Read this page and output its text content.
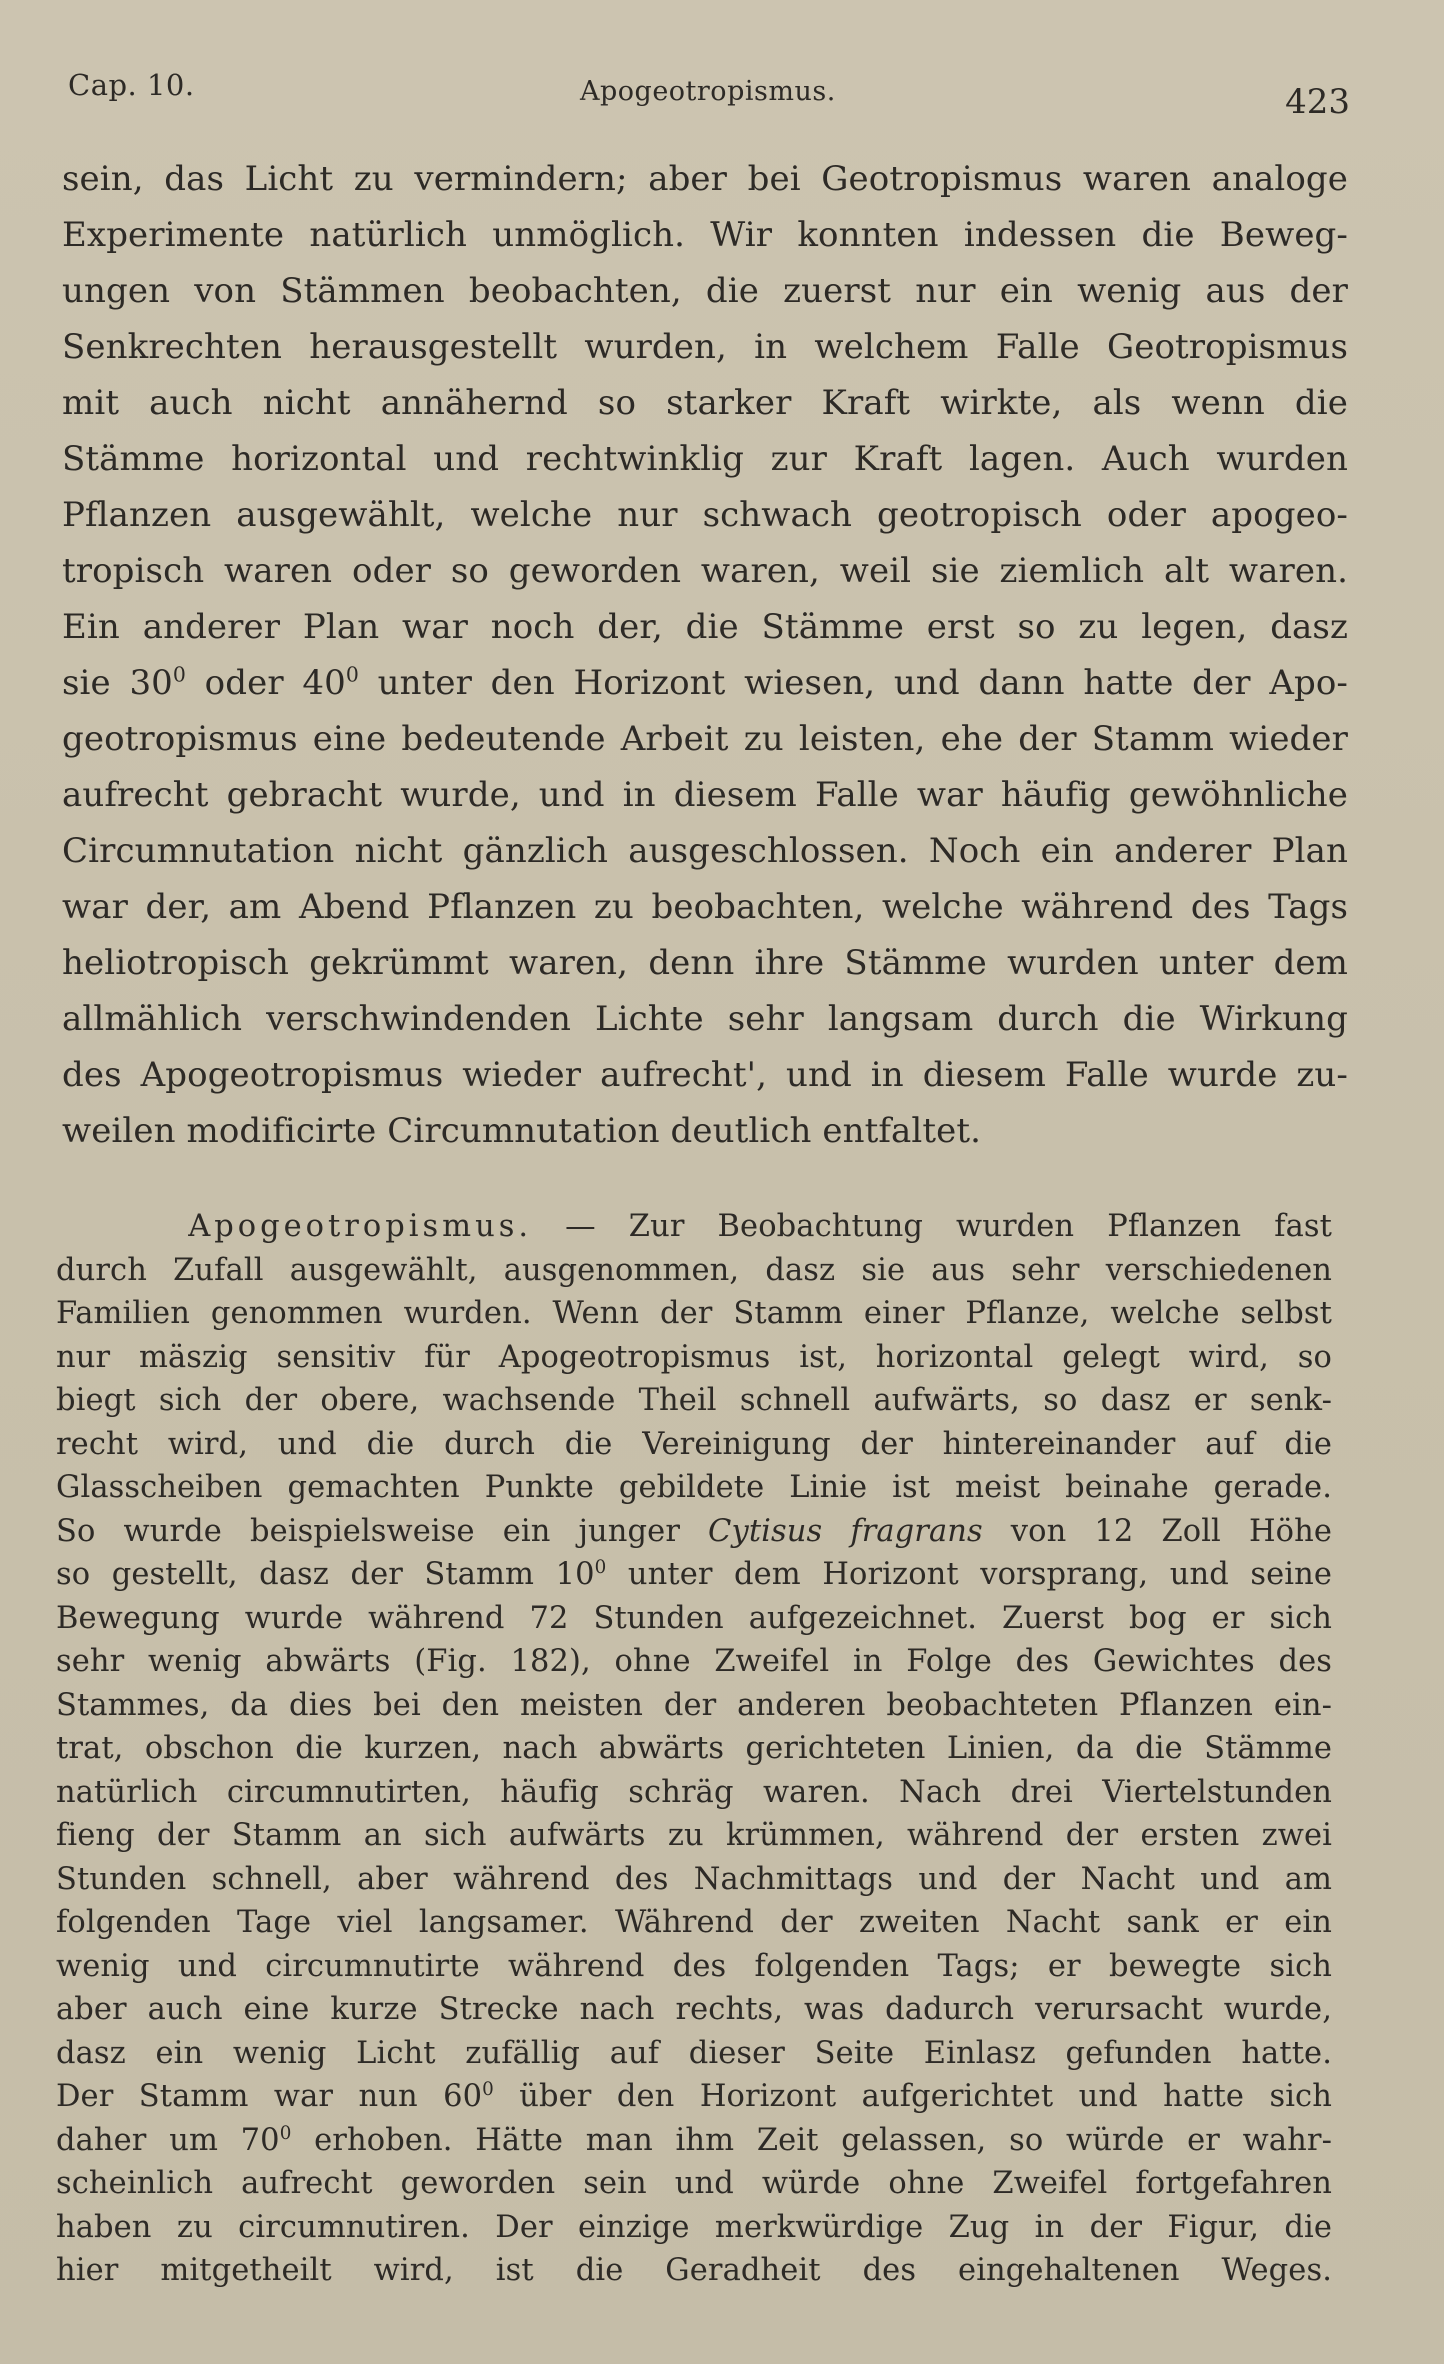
Cap. 10.	Apogeotropismus.	423
sein, das Licht zu vermindern; aber bei Geotropismus waren analoge
Experimente natürlich unmöglich. Wir konnten indessen die Beweg-
ungen von Stämmen beobachten, die zuerst nur ein wenig aus der
Senkrechten herausgestellt wurden, in welchem Falle Geotropismus
mit auch nicht annähernd so starker Kraft wirkte, als wenn die
Stämme horizontal und rechtwinklig zur Kraft lagen. Auch wurden
Pflanzen ausgewählt, welche nur schwach geotropisch oder apogeo-
tropisch waren oder so geworden waren, weil sie ziemlich alt waren.
Ein anderer Plan war noch der, die Stämme erst so zu legen, dasz
sie $30^0$ oder $40^0$ unter den Horizont wiesen, und dann hatte der Apo-
geotropismus eine bedeutende Arbeit zu leisten, ehe der Stamm wieder
aufrecht gebracht wurde, und in diesem Falle war häufig gewöhnliche
Circumnutation nicht gänzlich ausgeschlossen. Noch ein anderer Plan
war der, am Abend Pflanzen zu beobachten, welche während des Tags
heliotropisch gekrümmt waren, denn ihre Stämme wurden unter dem
allmählich verschwindenden Lichte sehr langsam durch die Wirkung
des Apogeotropismus wieder aufrecht', und in diesem Falle wurde zu-
weilen modificirte Circumnutation deutlich entfaltet.
Apogeotropismus. — Zur Beobachtung wurden Pflanzen fast
durch Zufall ausgewählt, ausgenommen, dasz sie aus sehr verschiedenen
Familien genommen wurden. Wenn der Stamm einer Pflanze, welche selbst
nur mäszig sensitiv für Apogeotropismus ist, horizontal gelegt wird, so
biegt sich der obere, wachsende Theil schnell aufwärts, so dasz er senk-
recht wird, und die durch die Vereinigung der hintereinander auf die
Glasscheiben gemachten Punkte gebildete Linie ist meist beinahe gerade.
So wurde beispielsweise ein junger Cytisus fragrans von 12 Zoll Höhe
so gestellt, dasz der Stamm $10^0$ unter dem Horizont vorsprang, und seine
Bewegung wurde während 72 Stunden aufgezeichnet. Zuerst bog er sich
sehr wenig abwärts (Fig. 182), ohne Zweifel in Folge des Gewichtes des
Stammes, da dies bei den meisten der anderen beobachteten Pflanzen ein-
trat, obschon die kurzen, nach abwärts gerichteten Linien, da die Stämme
natürlich circumnutirten, häufig schräg waren. Nach drei Viertelstunden
fieng der Stamm an sich aufwärts zu krümmen, während der ersten zwei
Stunden schnell, aber während des Nachmittags und der Nacht und am
folgenden Tage viel langsamer. Während der zweiten Nacht sank er ein
wenig und circumnutirte während des folgenden Tags; er bewegte sich
aber auch eine kurze Strecke nach rechts, was dadurch verursacht wurde,
dasz ein wenig Licht zufällig auf dieser Seite Einlasz gefunden hatte.
Der Stamm war nun $60^0$ über den Horizont aufgerichtet und hatte sich
daher um $70^0$ erhoben. Hätte man ihm Zeit gelassen, so würde er wahr-
scheinlich aufrecht geworden sein und würde ohne Zweifel fortgefahren
haben zu circumnutiren. Der einzige merkwürdige Zug in der Figur, die
hier mitgetheilt wird, ist die Geradheit des eingehaltenen Weges.
